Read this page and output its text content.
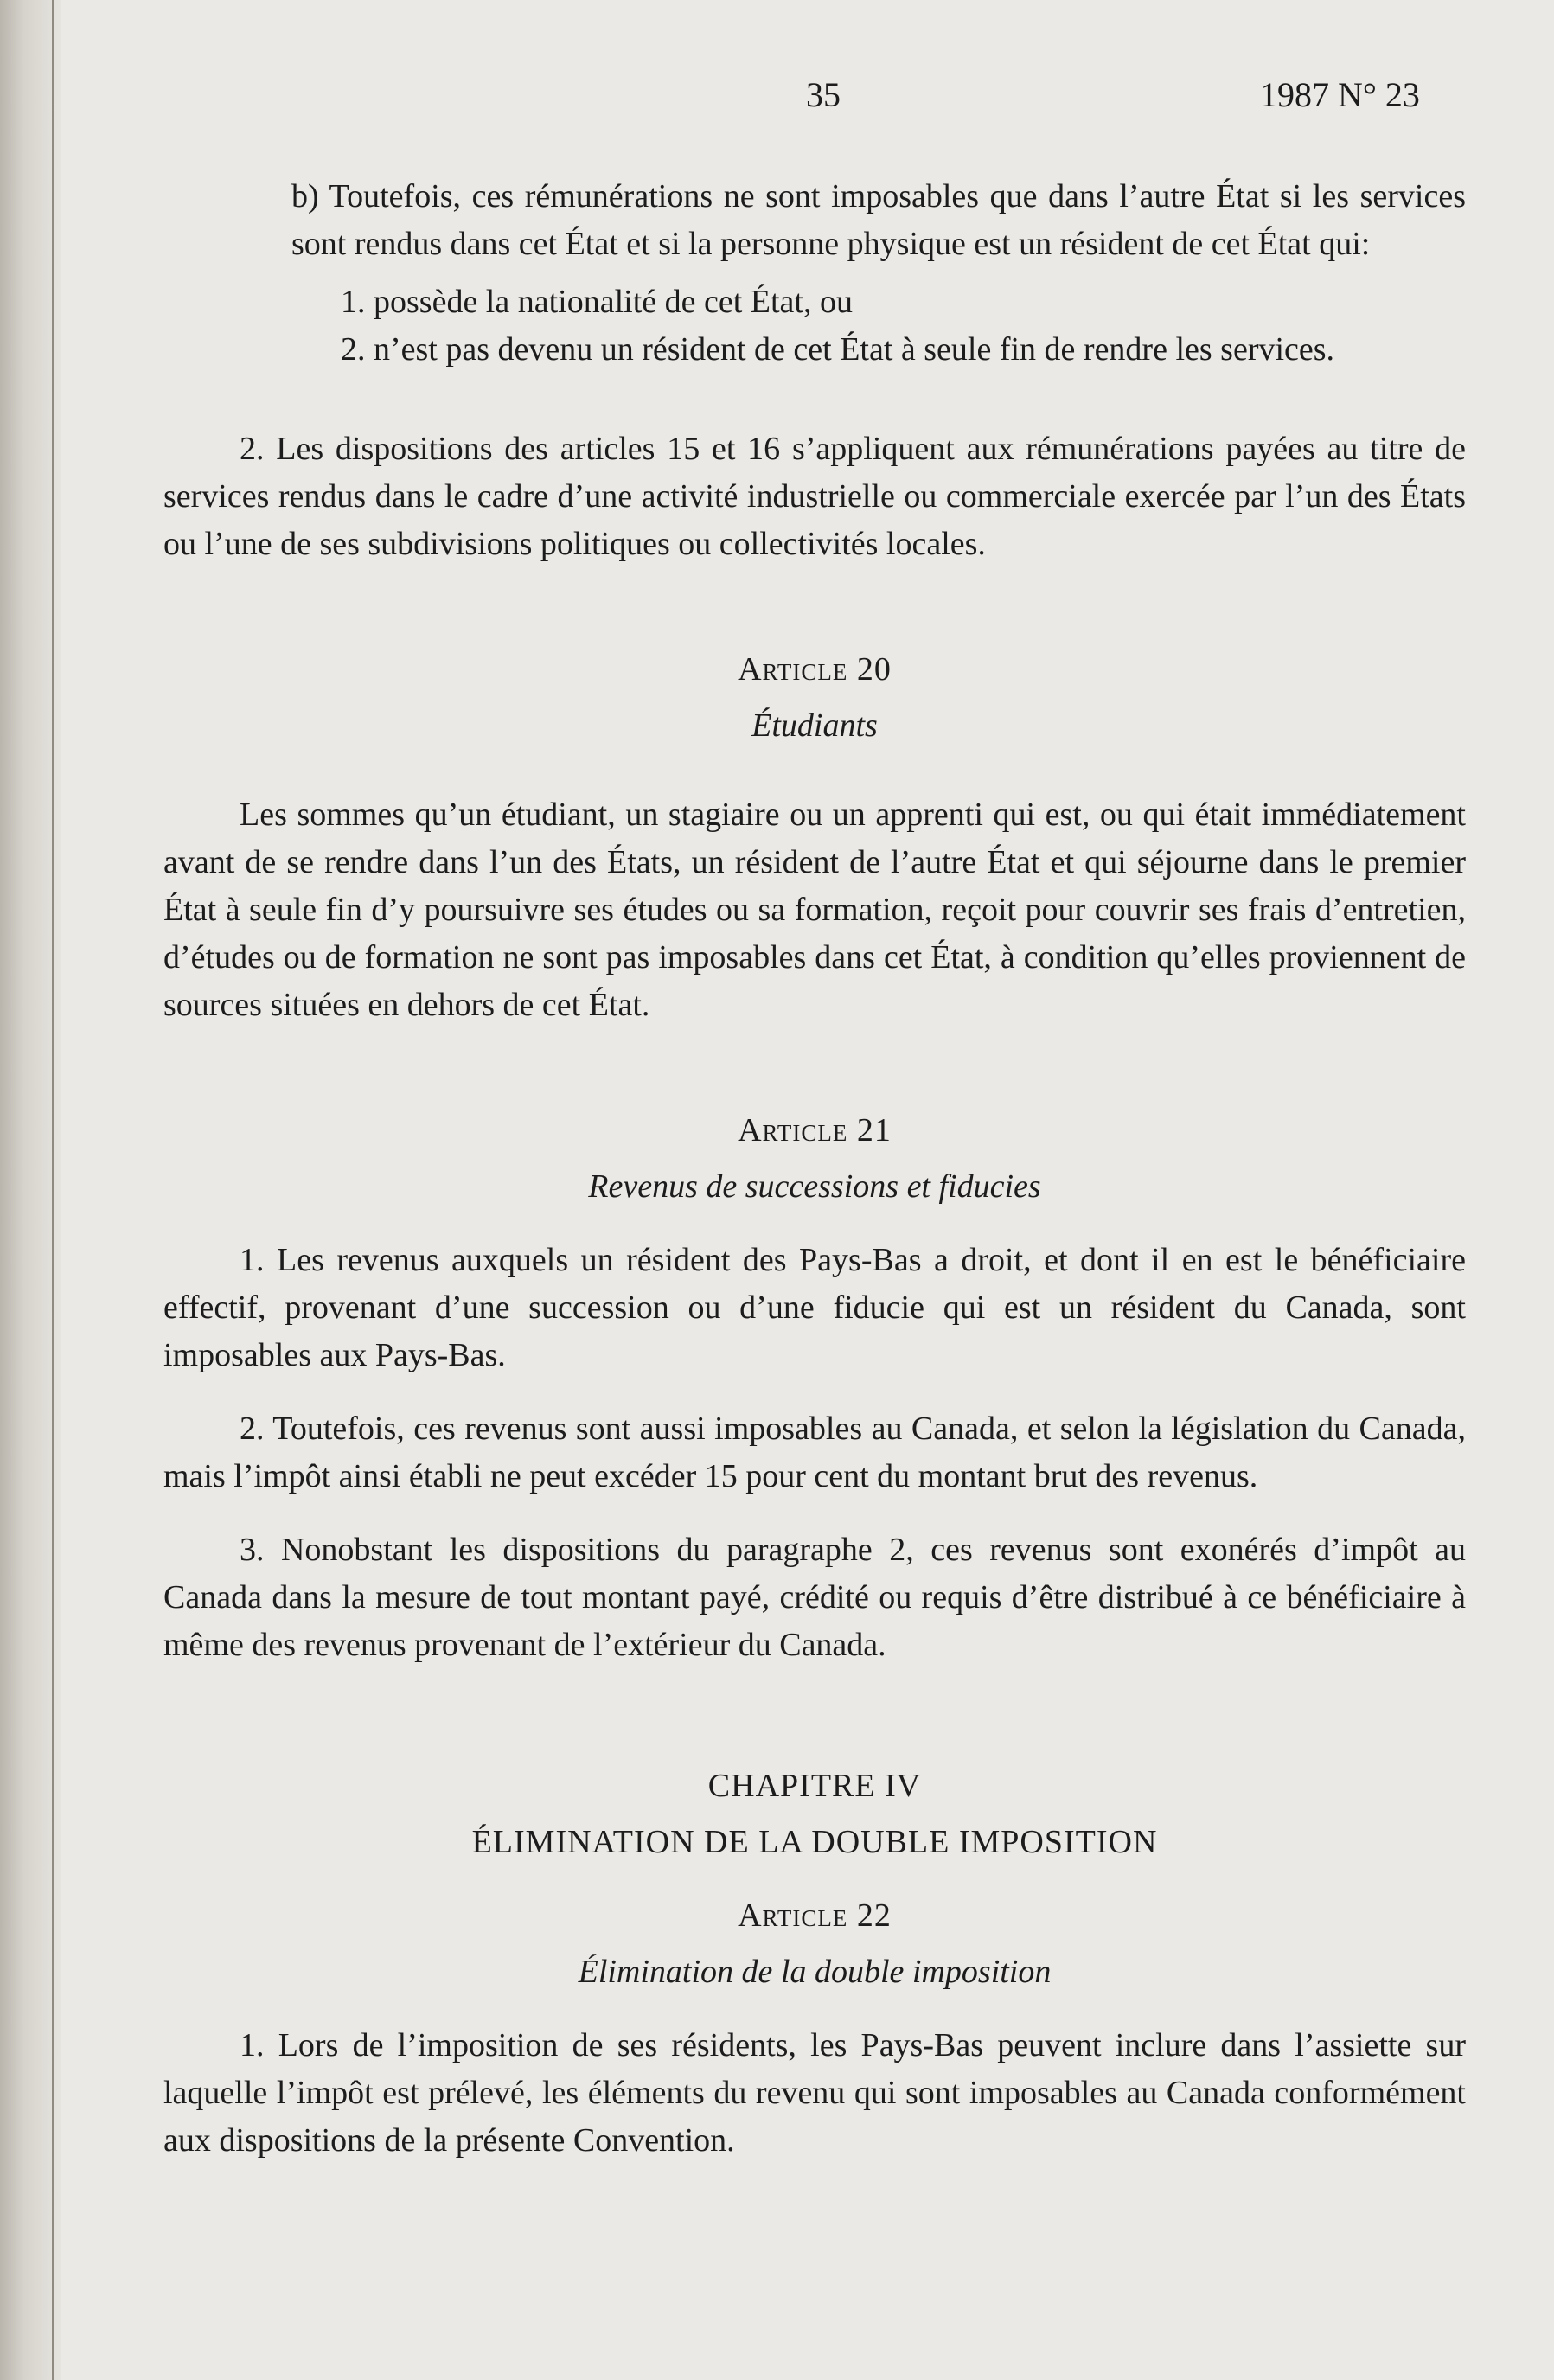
35	1987 N° 23

b) Toutefois, ces rémunérations ne sont imposables que dans l’autre État si les services sont rendus dans cet État et si la personne physique est un résident de cet État qui:

1. possède la nationalité de cet État, ou
2. n’est pas devenu un résident de cet État à seule fin de rendre les services.

2. Les dispositions des articles 15 et 16 s’appliquent aux rémunérations payées au titre de services rendus dans le cadre d’une activité industrielle ou commerciale exercée par l’un des États ou l’une de ses subdivisions politiques ou collectivités locales.

Article 20

Étudiants

Les sommes qu’un étudiant, un stagiaire ou un apprenti qui est, ou qui était immédiatement avant de se rendre dans l’un des États, un résident de l’autre État et qui séjourne dans le premier État à seule fin d’y poursuivre ses études ou sa formation, reçoit pour couvrir ses frais d’entretien, d’études ou de formation ne sont pas imposables dans cet État, à condition qu’elles proviennent de sources situées en dehors de cet État.

Article 21

Revenus de successions et fiducies

1. Les revenus auxquels un résident des Pays-Bas a droit, et dont il en est le bénéficiaire effectif, provenant d’une succession ou d’une fiducie qui est un résident du Canada, sont imposables aux Pays-Bas.

2. Toutefois, ces revenus sont aussi imposables au Canada, et selon la législation du Canada, mais l’impôt ainsi établi ne peut excéder 15 pour cent du montant brut des revenus.

3. Nonobstant les dispositions du paragraphe 2, ces revenus sont exonérés d’impôt au Canada dans la mesure de tout montant payé, crédité ou requis d’être distribué à ce bénéficiaire à même des revenus provenant de l’extérieur du Canada.

CHAPITRE IV

ÉLIMINATION DE LA DOUBLE IMPOSITION

Article 22

Élimination de la double imposition

1. Lors de l’imposition de ses résidents, les Pays-Bas peuvent inclure dans l’assiette sur laquelle l’impôt est prélevé, les éléments du revenu qui sont imposables au Canada conformément aux dispositions de la présente Convention.
